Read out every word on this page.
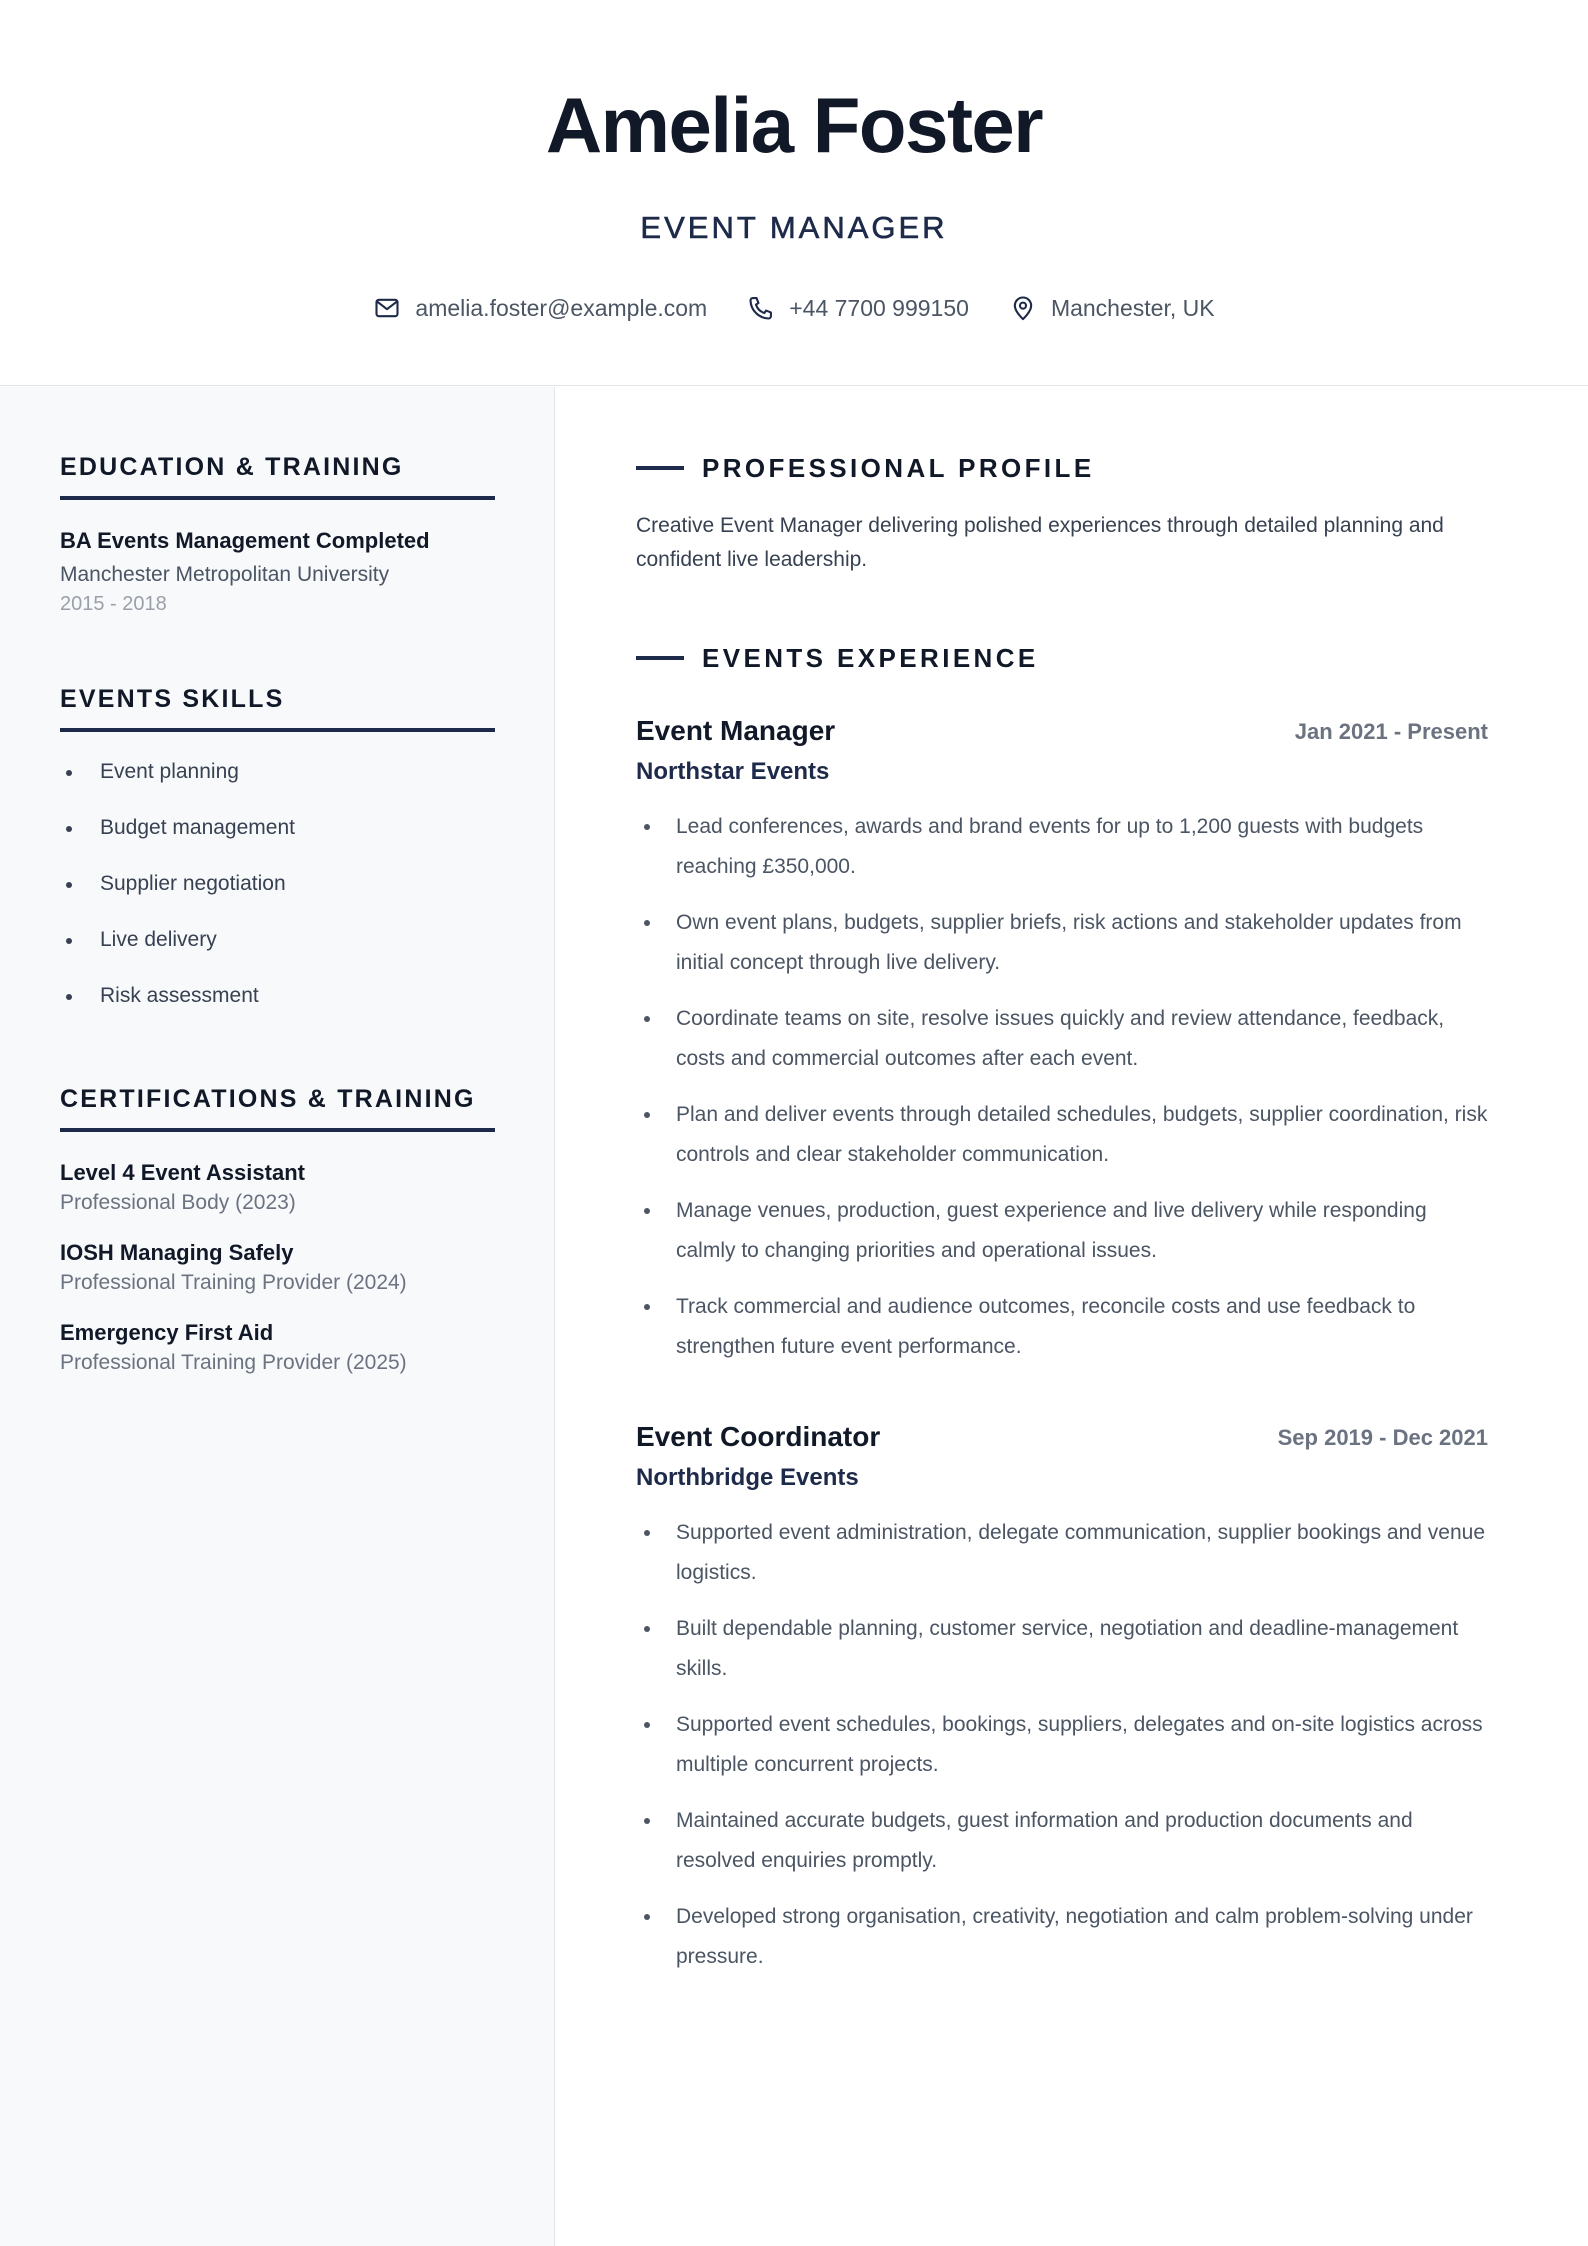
Amelia Foster
EVENT MANAGER
amelia.foster@example.com	+44 7700 999150	Manchester, UK
EDUCATION & TRAINING
BA Events Management Completed
Manchester Metropolitan University
2015 - 2018
EVENTS SKILLS
Event planning
Budget management
Supplier negotiation
Live delivery
Risk assessment
CERTIFICATIONS & TRAINING
Level 4 Event Assistant
Professional Body (2023)
IOSH Managing Safely
Professional Training Provider (2024)
Emergency First Aid
Professional Training Provider (2025)
PROFESSIONAL PROFILE
Creative Event Manager delivering polished experiences through detailed planning and confident live leadership.
EVENTS EXPERIENCE
Event Manager	Jan 2021 - Present
Northstar Events
Lead conferences, awards and brand events for up to 1,200 guests with budgets reaching £350,000.
Own event plans, budgets, supplier briefs, risk actions and stakeholder updates from initial concept through live delivery.
Coordinate teams on site, resolve issues quickly and review attendance, feedback, costs and commercial outcomes after each event.
Plan and deliver events through detailed schedules, budgets, supplier coordination, risk controls and clear stakeholder communication.
Manage venues, production, guest experience and live delivery while responding calmly to changing priorities and operational issues.
Track commercial and audience outcomes, reconcile costs and use feedback to strengthen future event performance.
Event Coordinator	Sep 2019 - Dec 2021
Northbridge Events
Supported event administration, delegate communication, supplier bookings and venue logistics.
Built dependable planning, customer service, negotiation and deadline-management skills.
Supported event schedules, bookings, suppliers, delegates and on-site logistics across multiple concurrent projects.
Maintained accurate budgets, guest information and production documents and resolved enquiries promptly.
Developed strong organisation, creativity, negotiation and calm problem-solving under pressure.
